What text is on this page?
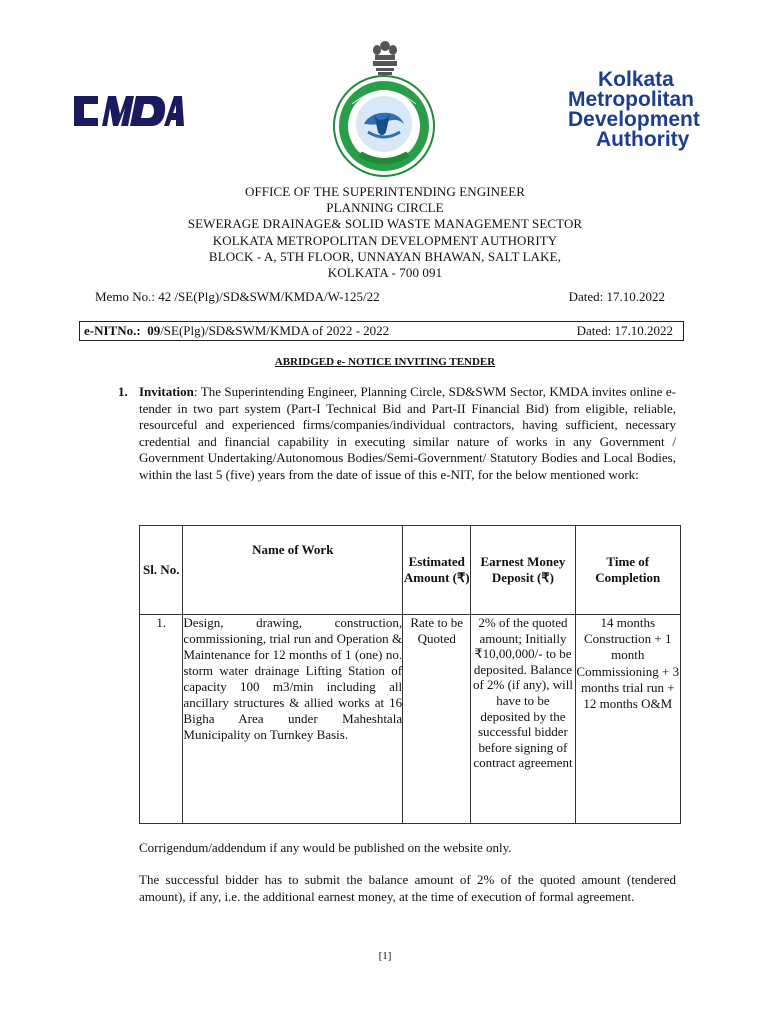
CMDA
Biswa Bangla / Govt of West Bengal	Kolkata
Metropolitan
Development
Authority
OFFICE OF THE SUPERINTENDING ENGINEER
PLANNING CIRCLE
SEWERAGE DRAINAGE& SOLID WASTE MANAGEMENT SECTOR
KOLKATA METROPOLITAN DEVELOPMENT AUTHORITY
BLOCK - A, 5TH FLOOR, UNNAYAN BHAWAN, SALT LAKE,
KOLKATA - 700 091
Memo No.: 42 /SE(Plg)/SD&SWM/KMDA/W-125/22	Dated: 17.10.2022
e-NITNo.: 09/SE(Plg)/SD&SWM/KMDA of 2022 - 2022	Dated: 17.10.2022
ABRIDGED e- NOTICE INVITING TENDER
1. Invitation: The Superintending Engineer, Planning Circle, SD&SWM Sector, KMDA invites online e-tender in two part system (Part-I Technical Bid and Part-II Financial Bid) from eligible, reliable, resourceful and experienced firms/companies/individual contractors, having sufficient, necessary credential and financial capability in executing similar nature of works in any Government / Government Undertaking/Autonomous Bodies/Semi-Government/ Statutory Bodies and Local Bodies, within the last 5 (five) years from the date of issue of this e-NIT, for the below mentioned work:
Sl. No.	Name of Work	Estimated Amount (₹)	Earnest Money Deposit (₹)	Time of Completion
1.	Design, drawing, construction, commissioning, trial run and Operation & Maintenance for 12 months of 1 (one) no. storm water drainage Lifting Station of capacity 100 m3/min including all ancillary structures & allied works at 16 Bigha Area under Maheshtala Municipality on Turnkey Basis.	Rate to be Quoted	2% of the quoted amount; Initially ₹10,00,000/- to be deposited. Balance of 2% (if any), will have to be deposited by the successful bidder before signing of contract agreement	14 months Construction + 1 month Commissioning + 3 months trial run + 12 months O&M
Corrigendum/addendum if any would be published on the website only.
The successful bidder has to submit the balance amount of 2% of the quoted amount (tendered amount), if any, i.e. the additional earnest money, at the time of execution of formal agreement.
[1]
